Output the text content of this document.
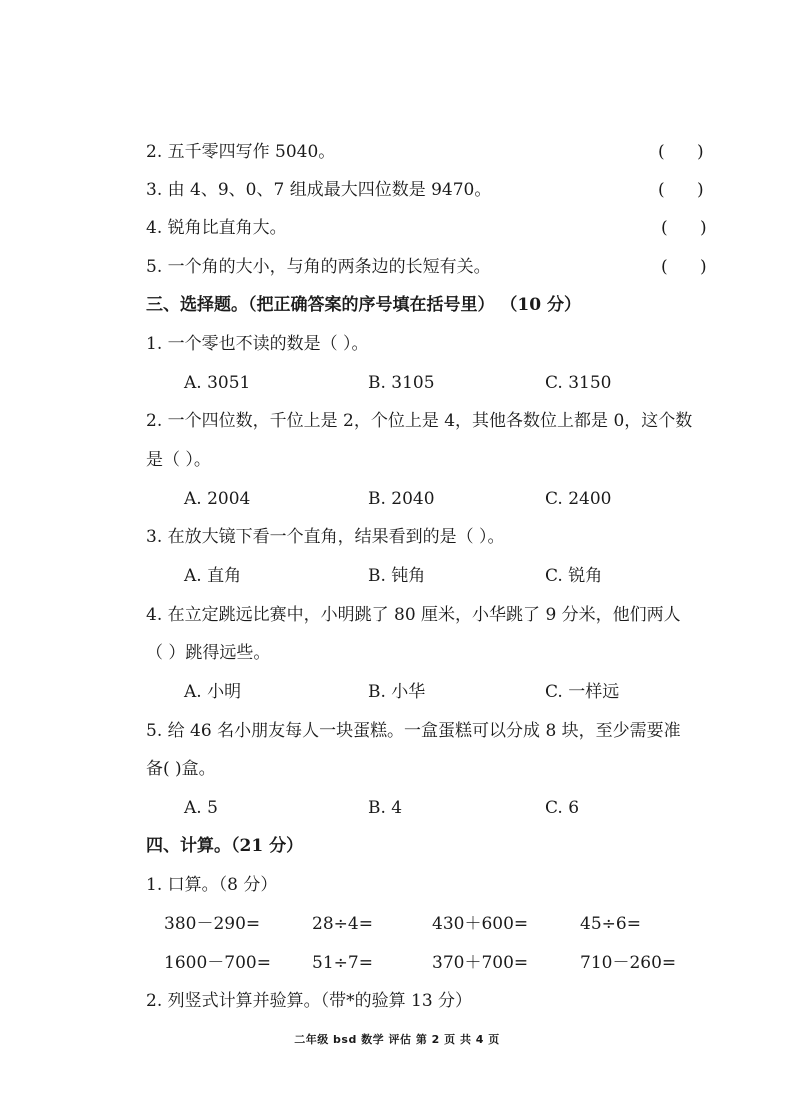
2. 五千零四写作 5040。	(      )
3. 由 4、9、0、7 组成最大四位数是 9470。	(      )
4. 锐角比直角大。	(      )
5. 一个角的大小，与角的两条边的长短有关。	(      )
三、选择题。（把正确答案的序号填在括号里） （10 分）
1. 一个零也不读的数是（ ）。
A. 3051	B. 3105	C. 3150
2. 一个四位数，千位上是 2，个位上是 4，其他各数位上都是 0，这个数
是（ ）。
A. 2004	B. 2040	C. 2400
3. 在放大镜下看一个直角，结果看到的是（ ）。
A. 直角	B. 钝角	C. 锐角
4. 在立定跳远比赛中，小明跳了 80 厘米，小华跳了 9 分米，他们两人
（ ）跳得远些。
A. 小明	B. 小华	C. 一样远
5. 给 46 名小朋友每人一块蛋糕。一盒蛋糕可以分成 8 块，至少需要准
备( )盒。
A. 5	B. 4	C. 6
四、计算。（21 分）
1. 口算。（8 分）
380－290=	28÷4=	430＋600=	45÷6=
1600－700= 51÷7=	370＋700=	710－260=
2. 列竖式计算并验算。（带*的验算 13 分）
二年级 bsd 数学 评估 第 2 页 共 4 页
